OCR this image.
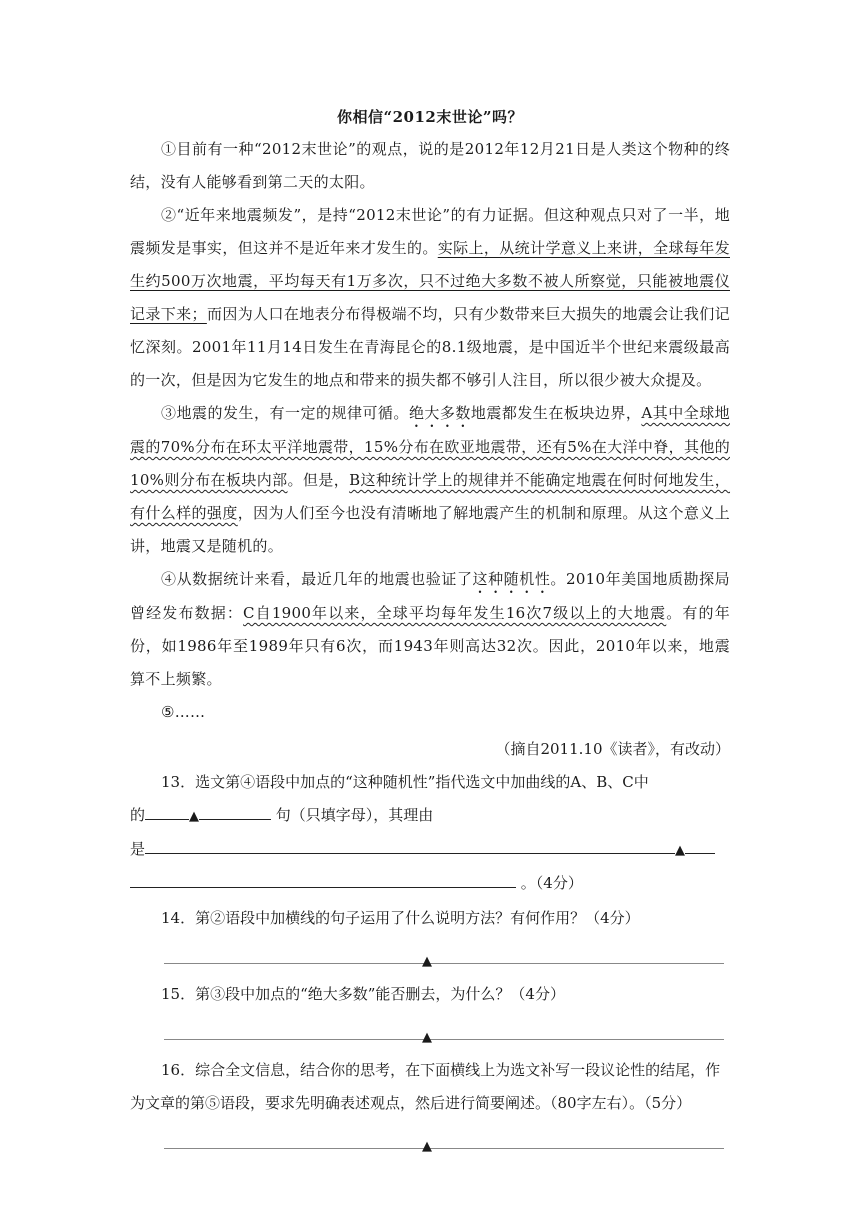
你相信“2012末世论”吗？

①目前有一种“2012末世论”的观点，说的是2012年12月21日是人类这个物种的终结，没有人能够看到第二天的太阳。

②“近年来地震频发”，是持“2012末世论”的有力证据。但这种观点只对了一半，地震频发是事实，但这并不是近年来才发生的。实际上，从统计学意义上来讲，全球每年发生约500万次地震，平均每天有1万多次，只不过绝大多数不被人所察觉，只能被地震仪记录下来；而因为人口在地表分布得极端不均，只有少数带来巨大损失的地震会让我们记忆深刻。2001年11月14日发生在青海昆仑的8.1级地震，是中国近半个世纪来震级最高的一次，但是因为它发生的地点和带来的损失都不够引人注目，所以很少被大众提及。

③地震的发生，有一定的规律可循。绝大多数地震都发生在板块边界，A其中全球地震的70%分布在环太平洋地震带，15%分布在欧亚地震带，还有5%在大洋中脊，其他的10%则分布在板块内部。但是，B这种统计学上的规律并不能确定地震在何时何地发生，有什么样的强度，因为人们至今也没有清晰地了解地震产生的机制和原理。从这个意义上讲，地震又是随机的。

④从数据统计来看，最近几年的地震也验证了这种随机性。2010年美国地质勘探局曾经发布数据：C自1900年以来，全球平均每年发生16次7级以上的大地震。有的年份，如1986年至1989年只有6次，而1943年则高达32次。因此，2010年以来，地震算不上频繁。

⑤……

（摘自2011.10《读者》，有改动）

13．选文第④语段中加点的“这种随机性”指代选文中加曲线的A、B、C中

的	▲	句（只填字母），其理由

是	▲

。（4分）

14．第②语段中加横线的句子运用了什么说明方法？有何作用？（4分）

▲

15．第③段中加点的“绝大多数”能否删去，为什么？（4分）

▲

16．综合全文信息，结合你的思考，在下面横线上为选文补写一段议论性的结尾，作为文章的第⑤语段，要求先明确表述观点，然后进行简要阐述。（80字左右）。（5分）

▲
